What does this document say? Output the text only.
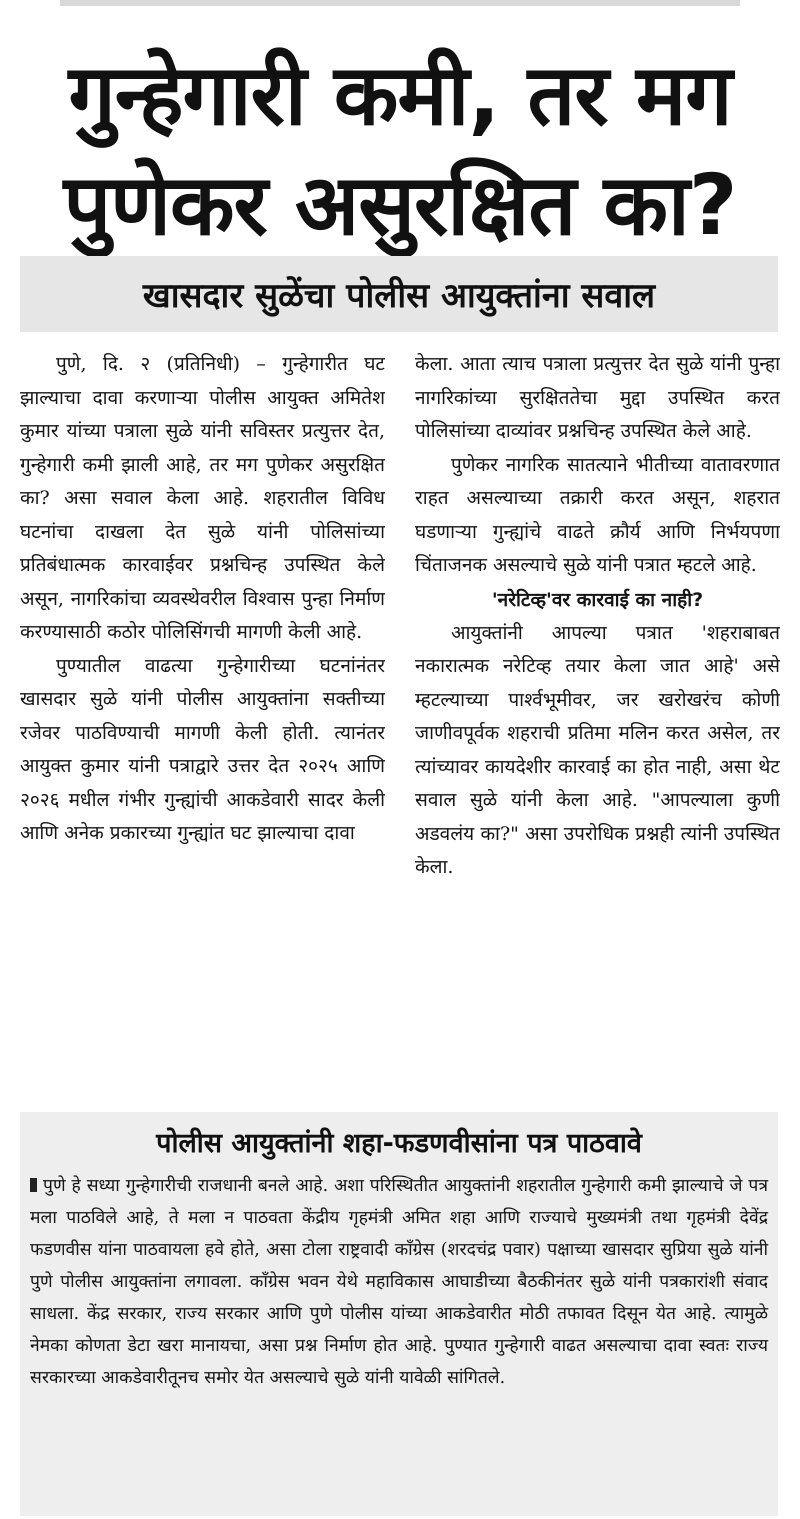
गुन्हेगारी कमी, तर मग पुणेकर असुरक्षित का?
खासदार सुळेंचा पोलीस आयुक्तांना सवाल

पुणे, दि. २ (प्रतिनिधी) – गुन्हेगारीत घट झाल्याचा दावा करणाऱ्या पोलीस आयुक्त अमितेश कुमार यांच्या पत्राला सुळे यांनी सविस्तर प्रत्युत्तर देत, गुन्हेगारी कमी झाली आहे, तर मग पुणेकर असुरक्षित का? असा सवाल केला आहे. शहरातील विविध घटनांचा दाखला देत सुळे यांनी पोलिसांच्या प्रतिबंधात्मक कारवाईवर प्रश्नचिन्ह उपस्थित केले असून, नागरिकांचा व्यवस्थेवरील विश्वास पुन्हा निर्माण करण्यासाठी कठोर पोलिसिंगची मागणी केली आहे.

पुण्यातील वाढत्या गुन्हेगारीच्या घटनांनंतर खासदार सुळे यांनी पोलीस आयुक्तांना सक्तीच्या रजेवर पाठविण्याची मागणी केली होती. त्यानंतर आयुक्त कुमार यांनी पत्राद्वारे उत्तर देत २०२५ आणि २०२६ मधील गंभीर गुन्ह्यांची आकडेवारी सादर केली आणि अनेक प्रकारच्या गुन्ह्यांत घट झाल्याचा दावा

केला. आता त्याच पत्राला प्रत्युत्तर देत सुळे यांनी पुन्हा नागरिकांच्या सुरक्षिततेचा मुद्दा उपस्थित करत पोलिसांच्या दाव्यांवर प्रश्नचिन्ह उपस्थित केले आहे.

पुणेकर नागरिक सातत्याने भीतीच्या वातावरणात राहत असल्याच्या तक्रारी करत असून, शहरात घडणाऱ्या गुन्ह्यांचे वाढते क्रौर्य आणि निर्भयपणा चिंताजनक असल्याचे सुळे यांनी पत्रात म्हटले आहे.

'नरेटिव्ह'वर कारवाई का नाही?

आयुक्तांनी आपल्या पत्रात 'शहराबाबत नकारात्मक नरेटिव्ह तयार केला जात आहे' असे म्हटल्याच्या पार्श्वभूमीवर, जर खरोखरंच कोणी जाणीवपूर्वक शहराची प्रतिमा मलिन करत असेल, तर त्यांच्यावर कायदेशीर कारवाई का होत नाही, असा थेट सवाल सुळे यांनी केला आहे. "आपल्याला कुणी अडवलंय का?" असा उपरोधिक प्रश्नही त्यांनी उपस्थित केला.

पोलीस आयुक्तांनी शहा-फडणवीसांना पत्र पाठवावे

पुणे हे सध्या गुन्हेगारीची राजधानी बनले आहे. अशा परिस्थितीत आयुक्तांनी शहरातील गुन्हेगारी कमी झाल्याचे जे पत्र मला पाठविले आहे, ते मला न पाठवता केंद्रीय गृहमंत्री अमित शहा आणि राज्याचे मुख्यमंत्री तथा गृहमंत्री देवेंद्र फडणवीस यांना पाठवायला हवे होते, असा टोला राष्ट्रवादी काँग्रेस (शरदचंद्र पवार) पक्षाच्या खासदार सुप्रिया सुळे यांनी पुणे पोलीस आयुक्तांना लगावला. काँग्रेस भवन येथे महाविकास आघाडीच्या बैठकीनंतर सुळे यांनी पत्रकारांशी संवाद साधला. केंद्र सरकार, राज्य सरकार आणि पुणे पोलीस यांच्या आकडेवारीत मोठी तफावत दिसून येत आहे. त्यामुळे नेमका कोणता डेटा खरा मानायचा, असा प्रश्न निर्माण होत आहे. पुण्यात गुन्हेगारी वाढत असल्याचा दावा स्वतः राज्य सरकारच्या आकडेवारीतूनच समोर येत असल्याचे सुळे यांनी यावेळी सांगितले.
